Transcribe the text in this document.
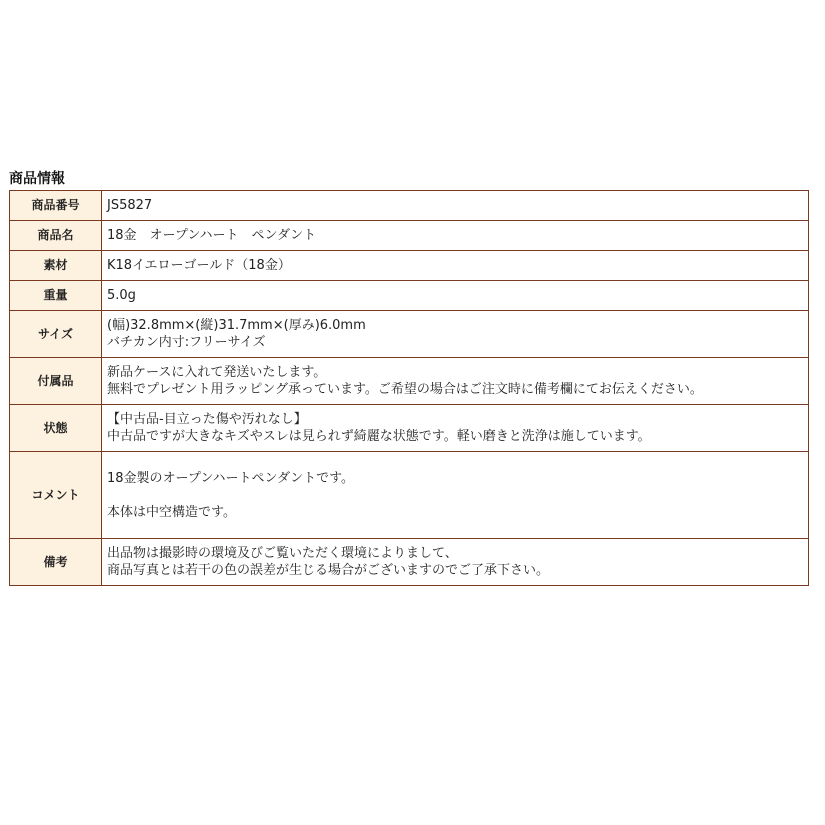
商品情報
商品番号	JS5827

商品名	18金　オープンハート　ペンダント

素材	K18イエローゴールド（18金）

重量	5.0g

サイズ	(幅)32.8mm×(縦)31.7mm×(厚み)6.0mm
バチカン内寸:フリーサイズ

付属品	新品ケースに入れて発送いたします。
無料でプレゼント用ラッピング承っています。ご希望の場合はご注文時に備考欄にてお伝えください。

状態	【中古品-目立った傷や汚れなし】
中古品ですが大きなキズやスレは見られず綺麗な状態です。軽い磨きと洗浄は施しています。

コメント	18金製のオープンハートペンダントです。
本体は中空構造です。

備考	出品物は撮影時の環境及びご覧いただく環境によりまして、
商品写真とは若干の色の誤差が生じる場合がございますのでご了承下さい。
